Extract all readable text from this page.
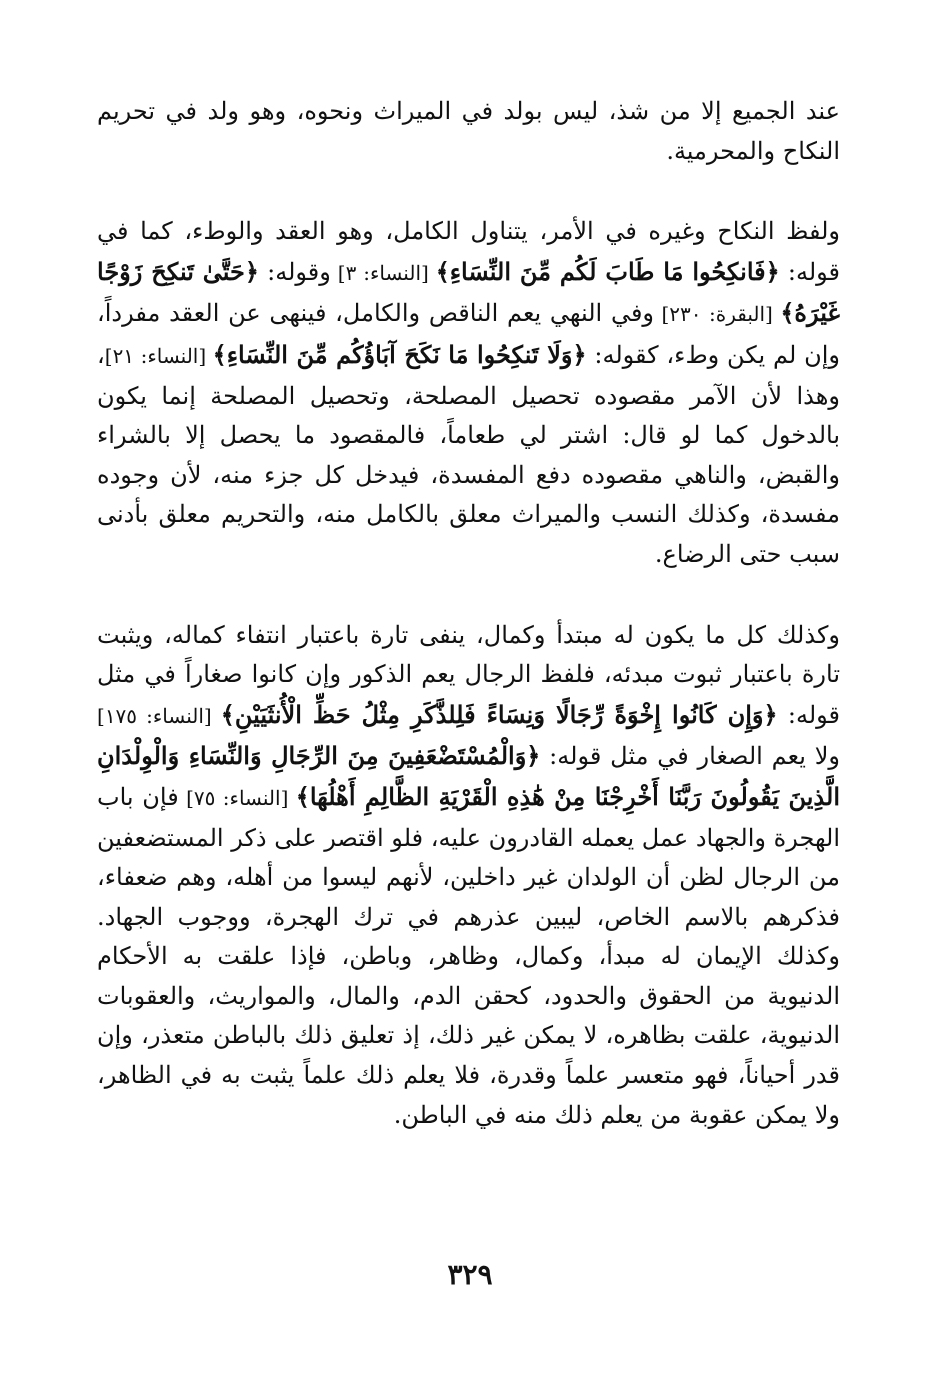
عند الجميع إلا من شذ، ليس بولد في الميراث ونحوه، وهو ولد في تحريم النكاح والمحرمية.

ولفظ النكاح وغيره في الأمر، يتناول الكامل، وهو العقد والوطء، كما في قوله: ﴿فَانكِحُوا مَا طَابَ لَكُم مِّنَ النِّسَاءِ﴾ [النساء: ٣] وقوله: ﴿حَتَّىٰ تَنكِحَ زَوْجًا غَيْرَهُ﴾ [البقرة: ٢٣٠] وفي النهي يعم الناقص والكامل، فينهى عن العقد مفرداً، وإن لم يكن وطء، كقوله: ﴿وَلَا تَنكِحُوا مَا نَكَحَ آبَاؤُكُم مِّنَ النِّسَاءِ﴾ [النساء: ٢١]، وهذا لأن الآمر مقصوده تحصيل المصلحة، وتحصيل المصلحة إنما يكون بالدخول كما لو قال: اشتر لي طعاماً، فالمقصود ما يحصل إلا بالشراء والقبض، والناهي مقصوده دفع المفسدة، فيدخل كل جزء منه، لأن وجوده مفسدة، وكذلك النسب والميراث معلق بالكامل منه، والتحريم معلق بأدنى سبب حتى الرضاع.

وكذلك كل ما يكون له مبتدأ وكمال، ينفى تارة باعتبار انتفاء كماله، ويثبت تارة باعتبار ثبوت مبدئه، فلفظ الرجال يعم الذكور وإن كانوا صغاراً في مثل قوله: ﴿وَإِن كَانُوا إِخْوَةً رِّجَالًا وَنِسَاءً فَلِلذَّكَرِ مِثْلُ حَظِّ الْأُنثَيَيْنِ﴾ [النساء: ١٧٥] ولا يعم الصغار في مثل قوله: ﴿وَالْمُسْتَضْعَفِينَ مِنَ الرِّجَالِ وَالنِّسَاءِ وَالْوِلْدَانِ الَّذِينَ يَقُولُونَ رَبَّنَا أَخْرِجْنَا مِنْ هَٰذِهِ الْقَرْيَةِ الظَّالِمِ أَهْلُهَا﴾ [النساء: ٧٥] فإن باب الهجرة والجهاد عمل يعمله القادرون عليه، فلو اقتصر على ذكر المستضعفين من الرجال لظن أن الولدان غير داخلين، لأنهم ليسوا من أهله، وهم ضعفاء، فذكرهم بالاسم الخاص، ليبين عذرهم في ترك الهجرة، ووجوب الجهاد. وكذلك الإيمان له مبدأ، وكمال، وظاهر، وباطن، فإذا علقت به الأحكام الدنيوية من الحقوق والحدود، كحقن الدم، والمال، والمواريث، والعقوبات الدنيوية، علقت بظاهره، لا يمكن غير ذلك، إذ تعليق ذلك بالباطن متعذر، وإن قدر أحياناً، فهو متعسر علماً وقدرة، فلا يعلم ذلك علماً يثبت به في الظاهر، ولا يمكن عقوبة من يعلم ذلك منه في الباطن.

٣٢٩
